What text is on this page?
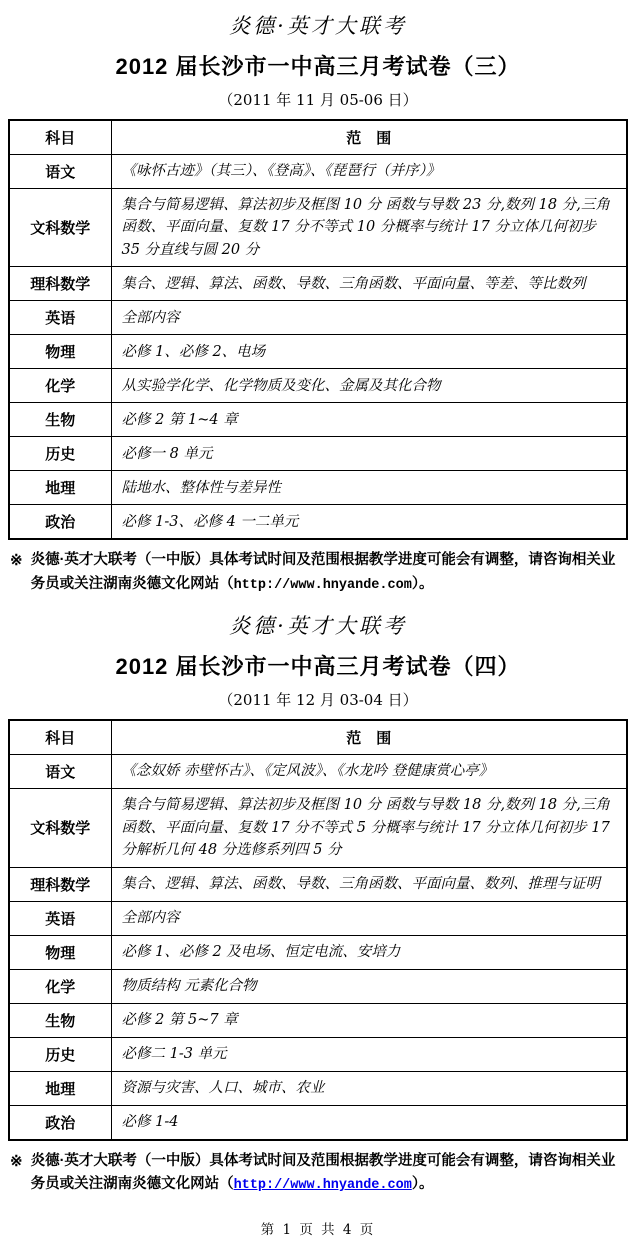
炎德·英才大联考
2012 届长沙市一中高三月考试卷（三）
（2011 年 11 月 05-06 日）
科目	范　围
语文	《咏怀古迹》（其三）、《登高》、《琵琶行（并序）》
文科数学	集合与简易逻辑、算法初步及框图 10 分 函数与导数 23 分,数列 18 分,三角函数、平面向量、复数 17 分不等式 10 分概率与统计 17 分立体几何初步 35 分直线与圆 20 分
理科数学	集合、逻辑、算法、函数、导数、三角函数、平面向量、等差、等比数列
英语	全部内容
物理	必修 1、必修 2、电场
化学	从实验学化学、化学物质及变化、金属及其化合物
生物	必修 2 第 1~4 章
历史	必修一 8 单元
地理	陆地水、整体性与差异性
政治	必修 1-3、必修 4 一二单元
※ 炎德·英才大联考（一中版）具体考试时间及范围根据教学进度可能会有调整，请咨询相关业务员或关注湖南炎德文化网站（http://www.hnyande.com）。

炎德·英才大联考
2012 届长沙市一中高三月考试卷（四）
（2011 年 12 月 03-04 日）
科目	范　围
语文	《念奴娇 赤壁怀古》、《定风波》、《水龙吟 登健康赏心亭》
文科数学	集合与简易逻辑、算法初步及框图 10 分 函数与导数 18 分,数列 18 分,三角函数、平面向量、复数 17 分不等式 5 分概率与统计 17 分立体几何初步 17 分解析几何 48 分选修系列四 5 分
理科数学	集合、逻辑、算法、函数、导数、三角函数、平面向量、数列、推理与证明
英语	全部内容
物理	必修 1、必修 2 及电场、恒定电流、安培力
化学	物质结构 元素化合物
生物	必修 2 第 5~7 章
历史	必修二 1-3 单元
地理	资源与灾害、人口、城市、农业
政治	必修 1-4
※ 炎德·英才大联考（一中版）具体考试时间及范围根据教学进度可能会有调整，请咨询相关业务员或关注湖南炎德文化网站（http://www.hnyande.com）。

第 1 页 共 4 页
